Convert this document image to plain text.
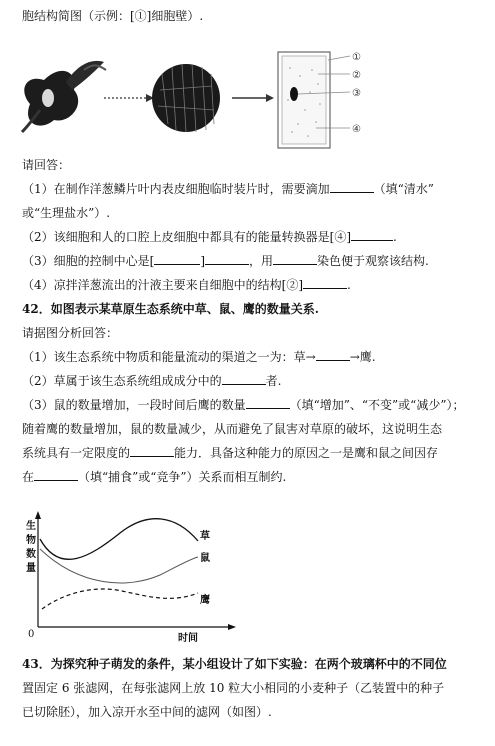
胞结构简图（示例：[①]细胞壁）.
①
②
③
④
请回答：
（1）在制作洋葱鳞片叶内表皮细胞临时装片时，需要滴加	（填“清水”
或“生理盐水”）.
（2）该细胞和人的口腔上皮细胞中都具有的能量转换器是[④]	.
（3）细胞的控制中心是[	]	，用	染色便于观察该结构.
（4）凉拌洋葱流出的汁液主要来自细胞中的结构[②]	.
42．如图表示某草原生态系统中草、鼠、鹰的数量关系.
请据图分析回答：
（1）该生态系统中物质和能量流动的渠道之一为：草→	→鹰.
（2）草属于该生态系统组成成分中的	者.
（3）鼠的数量增加，一段时间后鹰的数量	（填“增加”、“不变”或“减少”）；
随着鹰的数量增加，鼠的数量减少，从而避免了鼠害对草原的破坏，这说明生态
系统具有一定限度的	能力．具备这种能力的原因之一是鹰和鼠之间因存
在	（填“捕食”或“竞争”）关系而相互制约.
生
物
数
量
0	时间
草
鼠
鹰
43．为探究种子萌发的条件，某小组设计了如下实验：在两个玻璃杯中的不同位
置固定 6 张滤网，在每张滤网上放 10 粒大小相同的小麦种子（乙装置中的种子
已切除胚），加入凉开水至中间的滤网（如图）.
